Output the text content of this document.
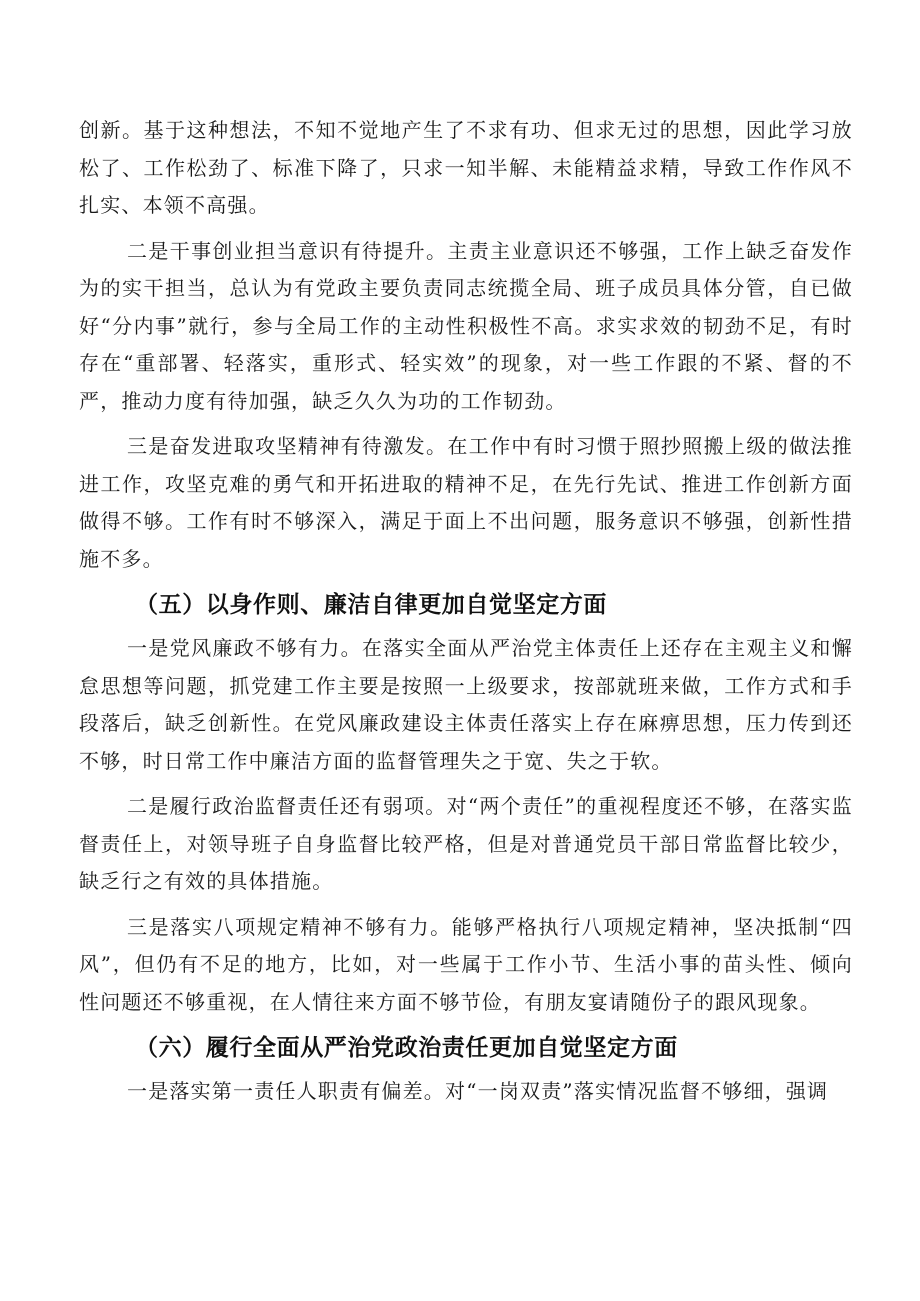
创新。基于这种想法，不知不觉地产生了不求有功、但求无过的思想，因此学习放松了、工作松劲了、标准下降了，只求一知半解、未能精益求精，导致工作作风不扎实、本领不高强。

二是干事创业担当意识有待提升。主责主业意识还不够强，工作上缺乏奋发作为的实干担当，总认为有党政主要负责同志统揽全局、班子成员具体分管，自已做好“分内事”就行，参与全局工作的主动性积极性不高。求实求效的韧劲不足，有时存在“重部署、轻落实，重形式、轻实效”的现象，对一些工作跟的不紧、督的不严，推动力度有待加强，缺乏久久为功的工作韧劲。

三是奋发进取攻坚精神有待激发。在工作中有时习惯于照抄照搬上级的做法推进工作，攻坚克难的勇气和开拓进取的精神不足，在先行先试、推进工作创新方面做得不够。工作有时不够深入，满足于面上不出问题，服务意识不够强，创新性措施不多。

（五）以身作则、廉洁自律更加自觉坚定方面

一是党风廉政不够有力。在落实全面从严治党主体责任上还存在主观主义和懈怠思想等问题，抓党建工作主要是按照一上级要求，按部就班来做，工作方式和手段落后，缺乏创新性。在党风廉政建设主体责任落实上存在麻痹思想，压力传到还不够，时日常工作中廉洁方面的监督管理失之于宽、失之于软。

二是履行政治监督责任还有弱项。对“两个责任”的重视程度还不够，在落实监督责任上，对领导班子自身监督比较严格，但是对普通党员干部日常监督比较少，缺乏行之有效的具体措施。

三是落实八项规定精神不够有力。能够严格执行八项规定精神，坚决抵制“四风”，但仍有不足的地方，比如，对一些属于工作小节、生活小事的苗头性、倾向性问题还不够重视，在人情往来方面不够节俭，有朋友宴请随份子的跟风现象。

（六）履行全面从严治党政治责任更加自觉坚定方面

一是落实第一责任人职责有偏差。对“一岗双责”落实情况监督不够细，强调
